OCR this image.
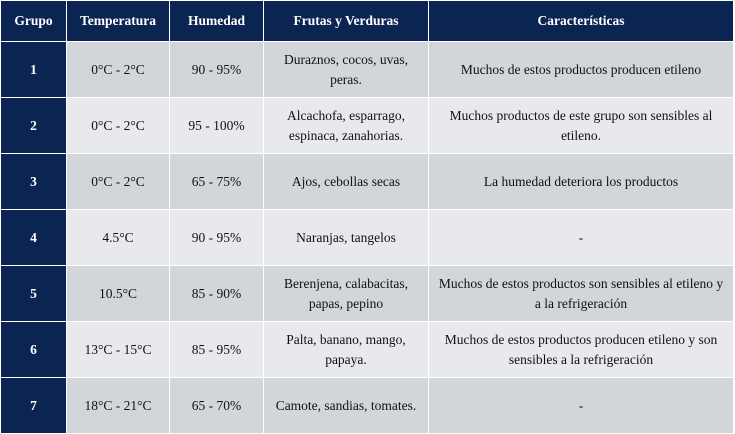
Grupo	Temperatura	Humedad	Frutas y Verduras	Características
1	0°C - 2°C	90 - 95%	Duraznos, cocos, uvas, peras.	Muchos de estos productos producen etileno
2	0°C - 2°C	95 - 100%	Alcachofa, esparrago, espinaca, zanahorias.	Muchos productos de este grupo son sensibles al etileno.
3	0°C - 2°C	65 - 75%	Ajos, cebollas secas	La humedad deteriora los productos
4	4.5°C	90 - 95%	Naranjas, tangelos	-
5	10.5°C	85 - 90%	Berenjena, calabacitas, papas, pepino	Muchos de estos productos son sensibles al etileno y a la refrigeración
6	13°C - 15°C	85 - 95%	Palta, banano, mango, papaya.	Muchos de estos productos producen etileno y son sensibles a la refrigeración
7	18°C - 21°C	65 - 70%	Camote, sandias, tomates.	-
